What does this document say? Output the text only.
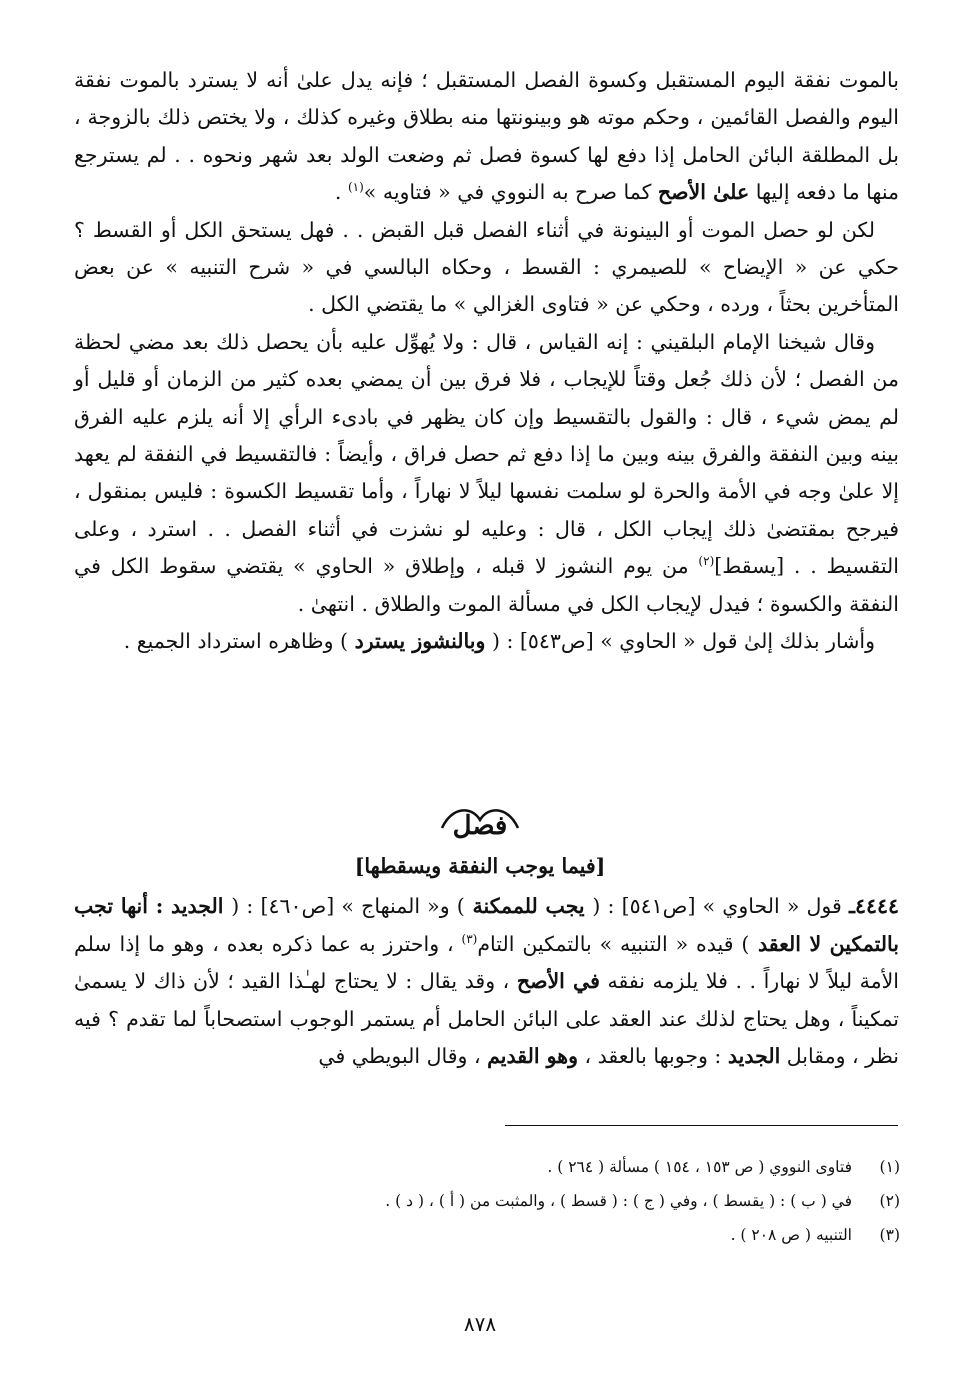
بالموت نفقة اليوم المستقبل وكسوة الفصل المستقبل ؛ فإنه يدل علىٰ أنه لا يسترد بالموت نفقة اليوم والفصل القائمين ، وحكم موته هو وبينونتها منه بطلاق وغيره كذلك ، ولا يختص ذلك بالزوجة ، بل المطلقة البائن الحامل إذا دفع لها كسوة فصل ثم وضعت الولد بعد شهر ونحوه . . لم يسترجع منها ما دفعه إليها علىٰ الأصح كما صرح به النووي في « فتاويه »$^{(١)}$ .

لكن لو حصل الموت أو البينونة في أثناء الفصل قبل القبض . . فهل يستحق الكل أو القسط ؟ حكي عن « الإيضاح » للصيمري : القسط ، وحكاه البالسي في « شرح التنبيه » عن بعض المتأخرين بحثاً ، ورده ، وحكي عن « فتاوى الغزالي » ما يقتضي الكل .

وقال شيخنا الإمام البلقيني : إنه القياس ، قال : ولا يُهوِّل عليه بأن يحصل ذلك بعد مضي لحظة من الفصل ؛ لأن ذلك جُعل وقتاً للإيجاب ، فلا فرق بين أن يمضي بعده كثير من الزمان أو قليل أو لم يمض شيء ، قال : والقول بالتقسيط وإن كان يظهر في بادىء الرأي إلا أنه يلزم عليه الفرق بينه وبين النفقة والفرق بينه وبين ما إذا دفع ثم حصل فراق ، وأيضاً : فالتقسيط في النفقة لم يعهد إلا علىٰ وجه في الأمة والحرة لو سلمت نفسها ليلاً لا نهاراً ، وأما تقسيط الكسوة : فليس بمنقول ، فيرجح بمقتضىٰ ذلك إيجاب الكل ، قال : وعليه لو نشزت في أثناء الفصل . . استرد ، وعلى التقسيط . . [يسقط]$^{(٢)}$ من يوم النشوز لا قبله ، وإطلاق « الحاوي » يقتضي سقوط الكل في النفقة والكسوة ؛ فيدل لإيجاب الكل في مسألة الموت والطلاق . انتهىٰ .

وأشار بذلك إلىٰ قول « الحاوي » [ص٥٤٣] : ( وبالنشوز يسترد ) وظاهره استرداد الجميع .

فصل
[فيما يوجب النفقة ويسقطها]

٤٤٤٤ـ قول « الحاوي » [ص٥٤١] : ( يجب للممكنة ) و« المنهاج » [ص٤٦٠] : ( الجديد : أنها تجب بالتمكين لا العقد ) قيده « التنبيه » بالتمكين التام$^{(٣)}$ ، واحترز به عما ذكره بعده ، وهو ما إذا سلم الأمة ليلاً لا نهاراً . . فلا يلزمه نفقه في الأصح ، وقد يقال : لا يحتاج لهـٰذا القيد ؛ لأن ذاك لا يسمىٰ تمكيناً ، وهل يحتاج لذلك عند العقد على البائن الحامل أم يستمر الوجوب استصحاباً لما تقدم ؟ فيه نظر ، ومقابل الجديد : وجوبها بالعقد ، وهو القديم ، وقال البويطي في

(١)
فتاوى النووي ( ص ١٥٣ ، ١٥٤ ) مسألة ( ٢٦٤ ) .
(٢)
في ( ب ) : ( يقسط ) ، وفي ( ج ) : ( قسط ) ، والمثبت من ( أ ) ، ( د ) .
(٣)
التنبيه ( ص ٢٠٨ ) .
٨٧٨
